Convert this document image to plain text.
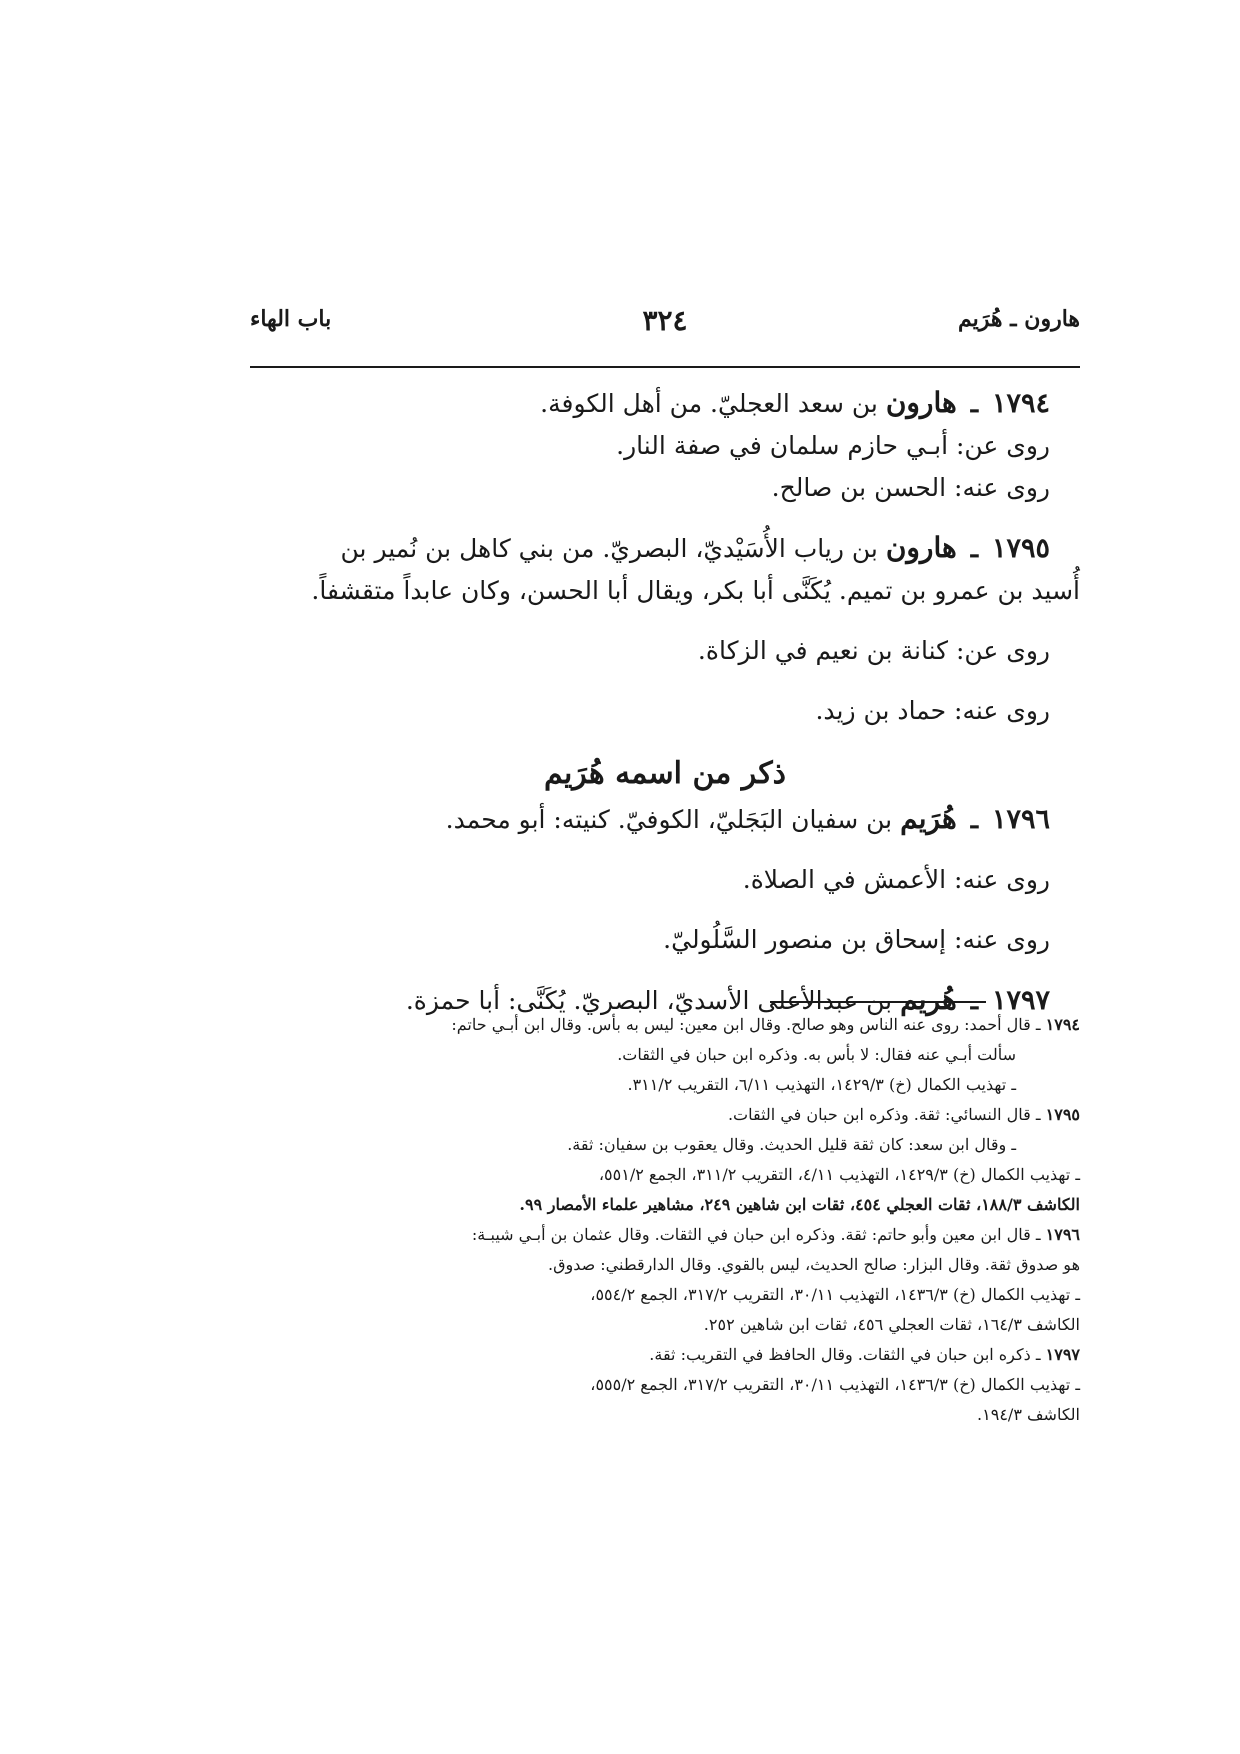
هارون ـ هُرَيم
٣٢٤
باب الهاء
١٧٩٤ ـ هارون بن سعد العجليّ. من أهل الكوفة.
روى عن: أبـي حازم سلمان في صفة النار.
روى عنه: الحسن بن صالح.
١٧٩٥ ـ هارون بن رياب الأُسَيْديّ، البصريّ. من بني كاهل بن نُمير بن
أُسيد بن عمرو بن تميم. يُكَنَّى أبا بكر، ويقال أبا الحسن، وكان عابداً متقشفاً.
روى عن: كنانة بن نعيم في الزكاة.
روى عنه: حماد بن زيد.
ذكر من اسمه هُرَيم
١٧٩٦ ـ هُرَيم بن سفيان البَجَليّ، الكوفيّ. كنيته: أبو محمد.
روى عنه: الأعمش في الصلاة.
روى عنه: إسحاق بن منصور السَّلُوليّ.
١٧٩٧ ـ هُريم بن عبدالأعلى الأسديّ، البصريّ. يُكَنَّى: أبا حمزة.
١٧٩٤ ـ قال أحمد: روى عنه الناس وهو صالح. وقال ابن معين: ليس به بأس. وقال ابن أبـي حاتم:
سألت أبـي عنه فقال: لا بأس به. وذكره ابن حبان في الثقات.
ـ تهذيب الكمال (خ) ١٤٢٩/٣، التهذيب ٦/١١، التقريب ٣١١/٢.
١٧٩٥ ـ قال النسائي: ثقة. وذكره ابن حبان في الثقات.
ـ وقال ابن سعد: كان ثقة قليل الحديث. وقال يعقوب بن سفيان: ثقة.
ـ تهذيب الكمال (خ) ١٤٢٩/٣، التهذيب ٤/١١، التقريب ٣١١/٢، الجمع ٥٥١/٢،
الكاشف ١٨٨/٣، ثقات العجلي ٤٥٤، ثقات ابن شاهين ٢٤٩، مشاهير علماء الأمصار ٩٩.
١٧٩٦ ـ قال ابن معين وأبو حاتم: ثقة. وذكره ابن حبان في الثقات. وقال عثمان بن أبـي شيبـة:
هو صدوق ثقة. وقال البزار: صالح الحديث، ليس بالقوي. وقال الدارقطني: صدوق.
ـ تهذيب الكمال (خ) ١٤٣٦/٣، التهذيب ٣٠/١١، التقريب ٣١٧/٢، الجمع ٥٥٤/٢،
الكاشف ١٦٤/٣، ثقات العجلي ٤٥٦، ثقات ابن شاهين ٢٥٢.
١٧٩٧ ـ ذكره ابن حبان في الثقات. وقال الحافظ في التقريب: ثقة.
ـ تهذيب الكمال (خ) ١٤٣٦/٣، التهذيب ٣٠/١١، التقريب ٣١٧/٢، الجمع ٥٥٥/٢،
الكاشف ١٩٤/٣.
